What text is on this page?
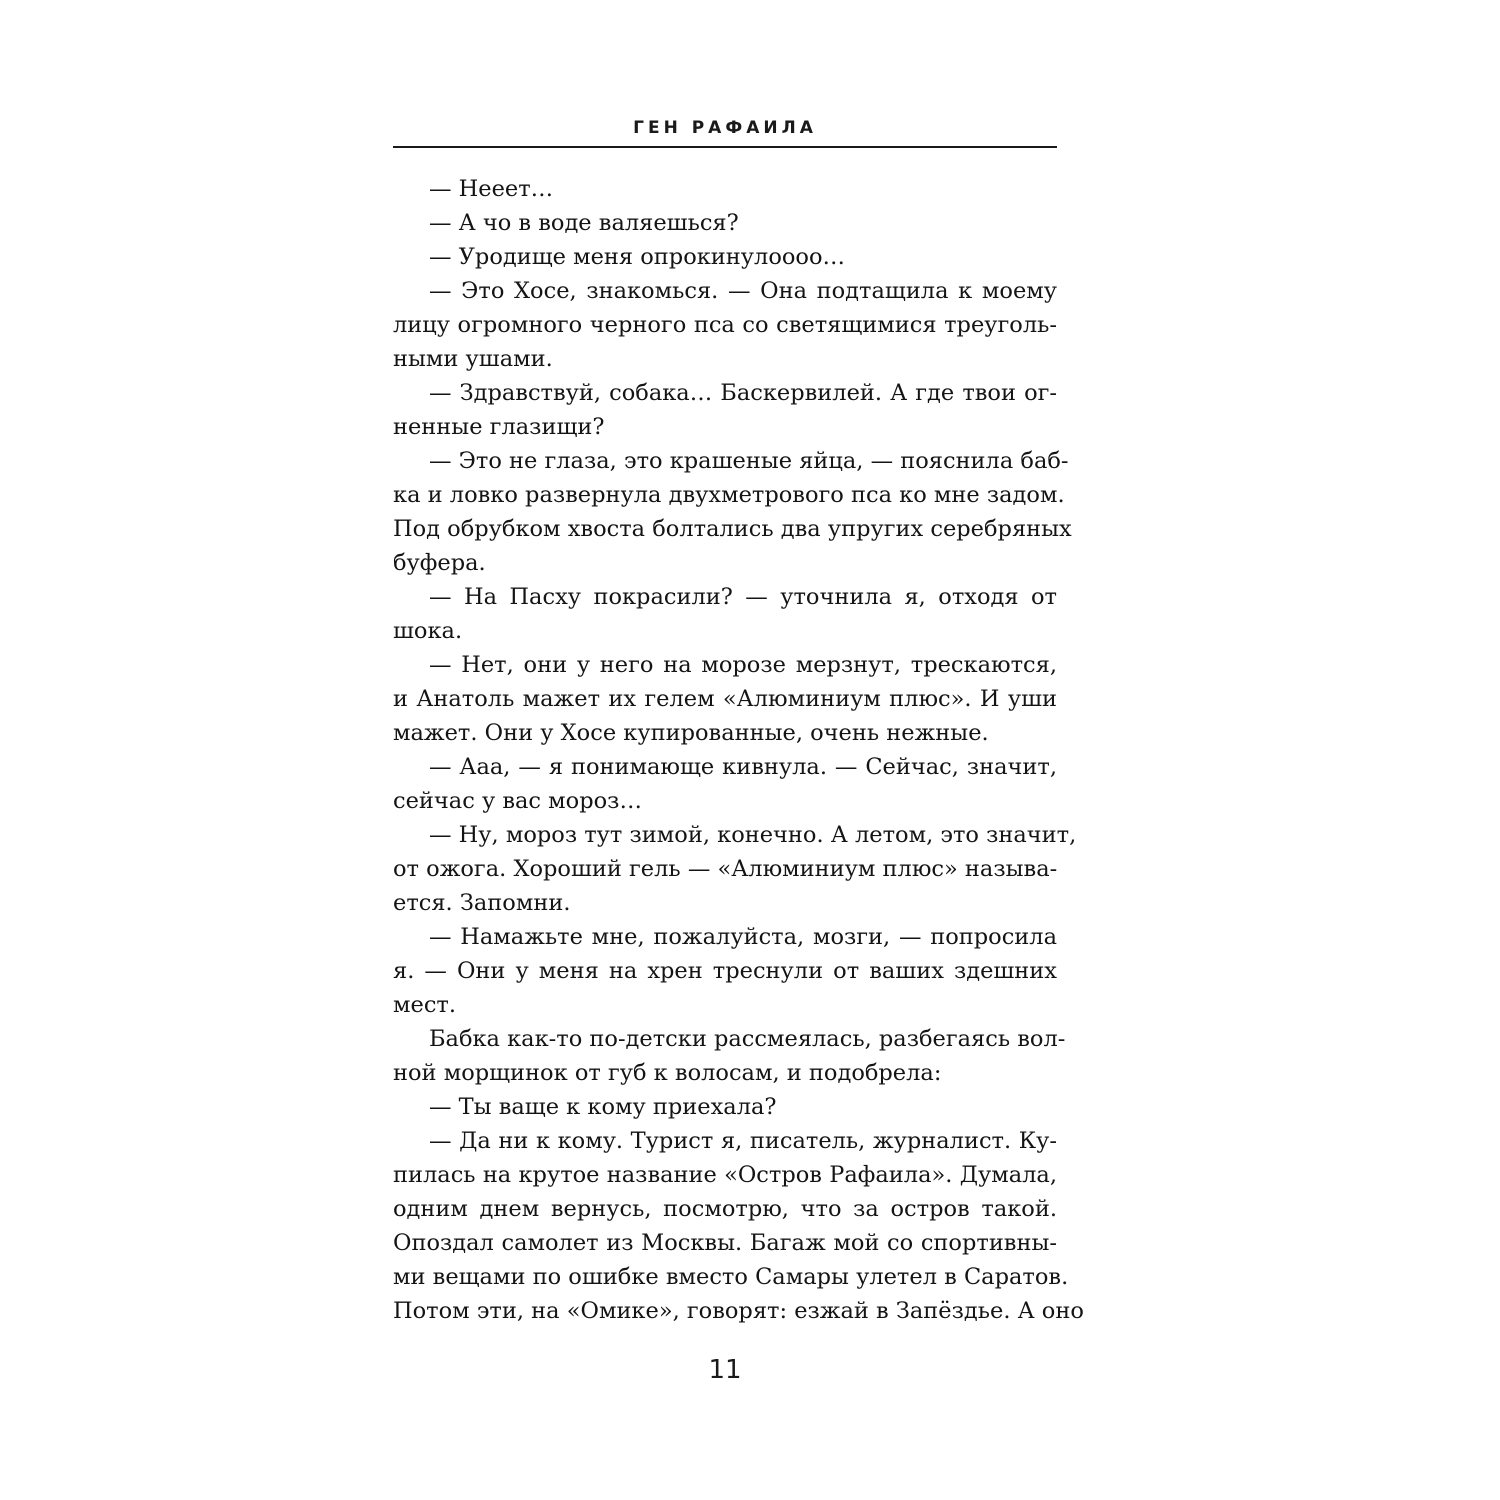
ГЕН РАФАИЛА
— Нееет…
— А чо в воде валяешься?
— Уродище меня опрокинулоооо…
— Это Хосе, знакомься. — Она подтащила к моему
лицу огромного черного пса со светящимися треуголь-
ными ушами.
— Здравствуй, собака… Баскервилей. А где твои ог-
ненные глазищи?
— Это не глаза, это крашеные яйца, — пояснила баб-
ка и ловко развернула двухметрового пса ко мне задом.
Под обрубком хвоста болтались два упругих серебряных
буфера.
— На Пасху покрасили? — уточнила я, отходя от
шока.
— Нет, они у него на морозе мерзнут, трескаются,
и Анатоль мажет их гелем «Алюминиум плюс». И уши
мажет. Они у Хосе купированные, очень нежные.
— Ааа, — я понимающе кивнула. — Сейчас, значит,
сейчас у вас мороз…
— Ну, мороз тут зимой, конечно. А летом, это значит,
от ожога. Хороший гель — «Алюминиум плюс» называ-
ется. Запомни.
— Намажьте мне, пожалуйста, мозги, — попросила
я. — Они у меня на хрен треснули от ваших здешних
мест.
Бабка как-то по-детски рассмеялась, разбегаясь вол-
ной морщинок от губ к волосам, и подобрела:
— Ты ваще к кому приехала?
— Да ни к кому. Турист я, писатель, журналист. Ку-
пилась на крутое название «Остров Рафаила». Думала,
одним днем вернусь, посмотрю, что за остров такой.
Опоздал самолет из Москвы. Багаж мой со спортивны-
ми вещами по ошибке вместо Самары улетел в Саратов.
Потом эти, на «Омике», говорят: езжай в Запёздье. А оно
11
